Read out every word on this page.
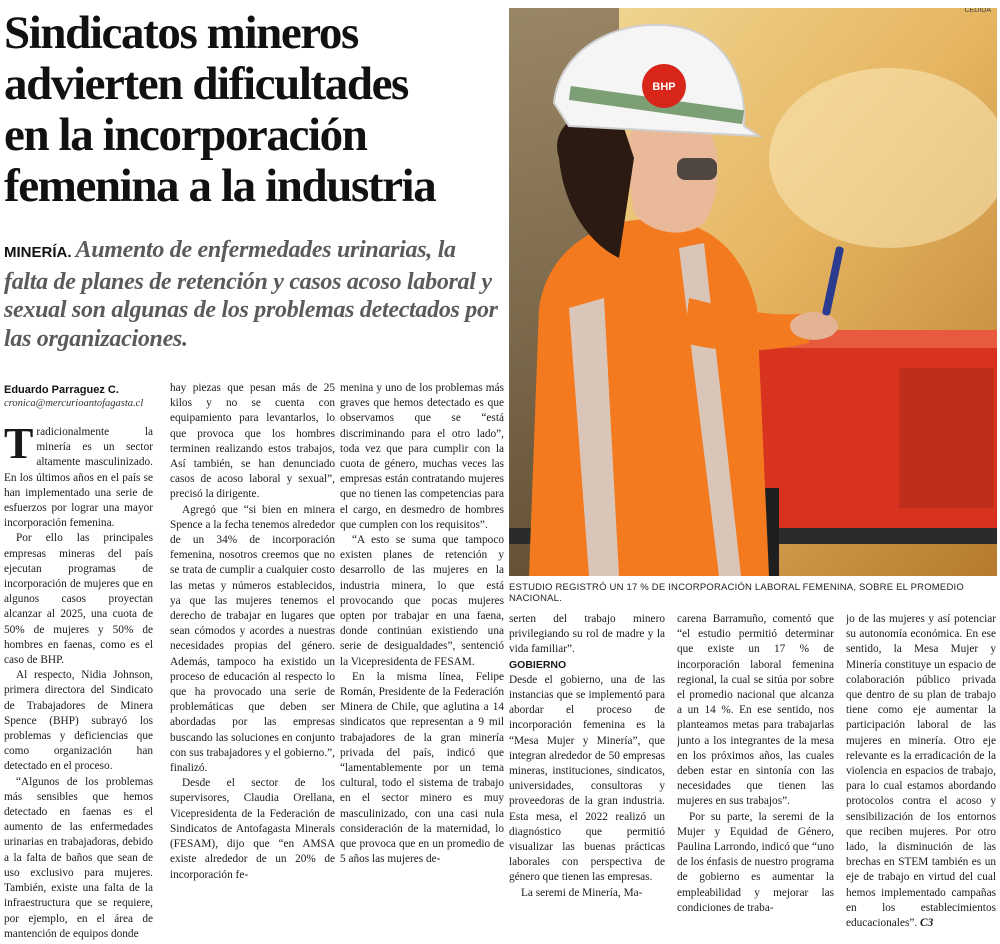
Sindicatos mineros
advierten dificultades
en la incorporación
femenina a la industria
MINERÍA. Aumento de enfermedades urinarias, la falta de planes de retención y casos acoso laboral y sexual son algunas de los problemas detectados por las organizaciones.
Eduardo Parraguez C.
cronica@mercurioantofagasta.cl
BHP
CEDIDA
ESTUDIO REGISTRÓ UN 17 % DE INCORPORACIÓN LABORAL FEMENINA, SOBRE EL PROMEDIO NACIONAL.

Tradicionalmente la minería es un sector altamente masculinizado. En los últimos años en el país se han implementado una serie de esfuerzos por lograr una mayor incorporación femenina.

Por ello las principales empresas mineras del país ejecutan programas de incorporación de mujeres que en algunos casos proyectan alcanzar al 2025, una cuota de 50% de mujeres y 50% de hombres en faenas, como es el caso de BHP.

Al respecto, Nidia Johnson, primera directora del Sindicato de Trabajadores de Minera Spence (BHP) subrayó los problemas y deficiencias que como organización han detectado en el proceso.

“Algunos de los problemas más sensibles que hemos detectado en faenas es el aumento de las enfermedades urinarias en trabajadoras, debido a la falta de baños que sean de uso exclusivo para mujeres. También, existe una falta de la infraestructura que se requiere, por ejemplo, en el área de mantención de equipos donde

hay piezas que pesan más de 25 kilos y no se cuenta con equipamiento para levantarlos, lo que provoca que los hombres terminen realizando estos trabajos, Así también, se han denunciado casos de acoso laboral y sexual”, precisó la dirigente.

Agregó que “si bien en minera Spence a la fecha tenemos alrededor de un 34% de incorporación femenina, nosotros creemos que no se trata de cumplir a cualquier costo las metas y números establecidos, ya que las mujeres tenemos el derecho de trabajar en lugares que sean cómodos y acordes a nuestras necesidades propias del género. Además, tampoco ha existido un proceso de educación al respecto lo que ha provocado una serie de problemáticas que deben ser abordadas por las empresas buscando las soluciones en conjunto con sus trabajadores y el gobierno.”, finalizó.

Desde el sector de los supervisores, Claudia Orellana, Vicepresidenta de la Federación de Sindicatos de Antofagasta Minerals (FESAM), dijo que “en AMSA existe alrededor de un 20% de incorporación fe-

menina y uno de los problemas más graves que hemos detectado es que observamos que se “está discriminando para el otro lado”, toda vez que para cumplir con la cuota de género, muchas veces las empresas están contratando mujeres que no tienen las competencias para el cargo, en desmedro de hombres que cumplen con los requisitos”.

“A esto se suma que tampoco existen planes de retención y desarrollo de las mujeres en la industria minera, lo que está provocando que pocas mujeres opten por trabajar en una faena, donde continúan existiendo una serie de desigualdades”, sentenció la Vicepresidenta de FESAM.

En la misma línea, Felipe Román, Presidente de la Federación Minera de Chile, que aglutina a 14 sindicatos que representan a 9 mil trabajadores de la gran minería privada del país, indicó que “lamentablemente por un tema cultural, todo el sistema de trabajo en el sector minero es muy masculinizado, con una casi nula consideración de la maternidad, lo que provoca que en un promedio de 5 años las mujeres de-

serten del trabajo minero privilegiando su rol de madre y la vida familiar”.

GOBIERNO

Desde el gobierno, una de las instancias que se implementó para abordar el proceso de incorporación femenina es la “Mesa Mujer y Minería”, que integran alrededor de 50 empresas mineras, instituciones, sindicatos, universidades, consultoras y proveedoras de la gran industria. Esta mesa, el 2022 realizó un diagnóstico que permitió visualizar las buenas prácticas laborales con perspectiva de género que tienen las empresas.

La seremi de Minería, Ma-

carena Barramuño, comentó que “el estudio permitió determinar que existe un 17 % de incorporación laboral femenina regional, la cual se sitúa por sobre el promedio nacional que alcanza a un 14 %. En ese sentido, nos planteamos metas para trabajarlas junto a los integrantes de la mesa en los próximos años, las cuales deben estar en sintonía con las necesidades que tienen las mujeres en sus trabajos”.

Por su parte, la seremi de la Mujer y Equidad de Género, Paulina Larrondo, indicó que “uno de los énfasis de nuestro programa de gobierno es aumentar la empleabilidad y mejorar las condiciones de traba-

jo de las mujeres y así potenciar su autonomía económica. En ese sentido, la Mesa Mujer y Minería constituye un espacio de colaboración público privada que dentro de su plan de trabajo tiene como eje aumentar la participación laboral de las mujeres en minería. Otro eje relevante es la erradicación de la violencia en espacios de trabajo, para lo cual estamos abordando protocolos contra el acoso y sensibilización de los entornos que reciben mujeres. Por otro lado, la disminución de las brechas en STEM también es un eje de trabajo en virtud del cual hemos implementado campañas en los establecimientos educacionales”. C3
